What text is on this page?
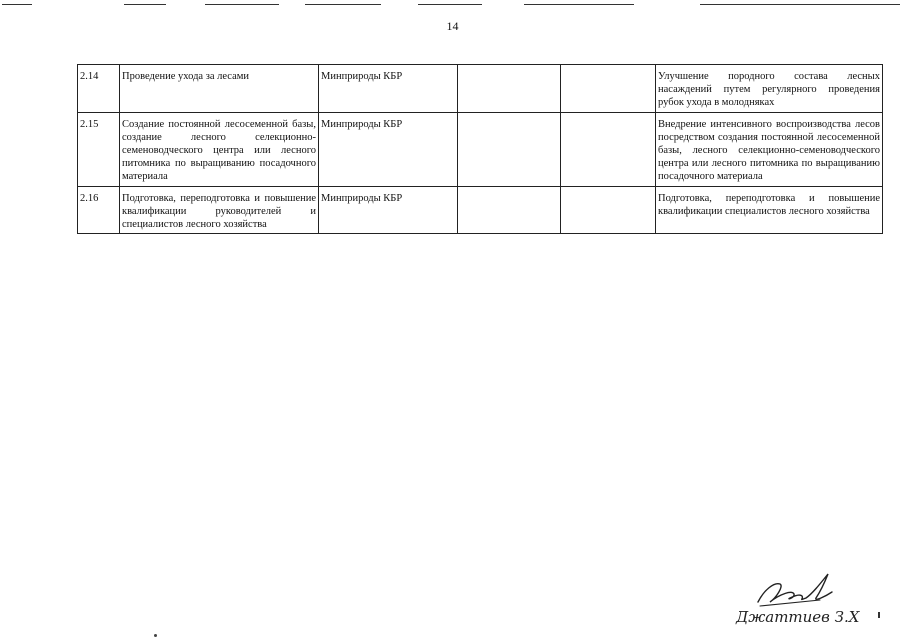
14
2.14	Проведение ухода за лесами	Минприроды КБР			Улучшение породного состава лесных насаждений путем регулярного проведения рубок ухода в молодняках
2.15	Создание постоянной лесосеменной базы, создание лесного селекционно-семеноводческого центра или лесного питомника по выращиванию посадочного материала	Минприроды КБР			Внедрение интенсивного воспроизводства лесов посредством создания постоянной лесосеменной базы, лесного селекционно-семеноводческого центра или лесного питомника по выращиванию посадочного материала
2.16	Подготовка, переподготовка и повышение квалификации руководителей и специалистов лесного хозяйства	Минприроды КБР			Подготовка, переподготовка и повышение квалификации специалистов лесного хозяйства
Джаттиев З.Х
